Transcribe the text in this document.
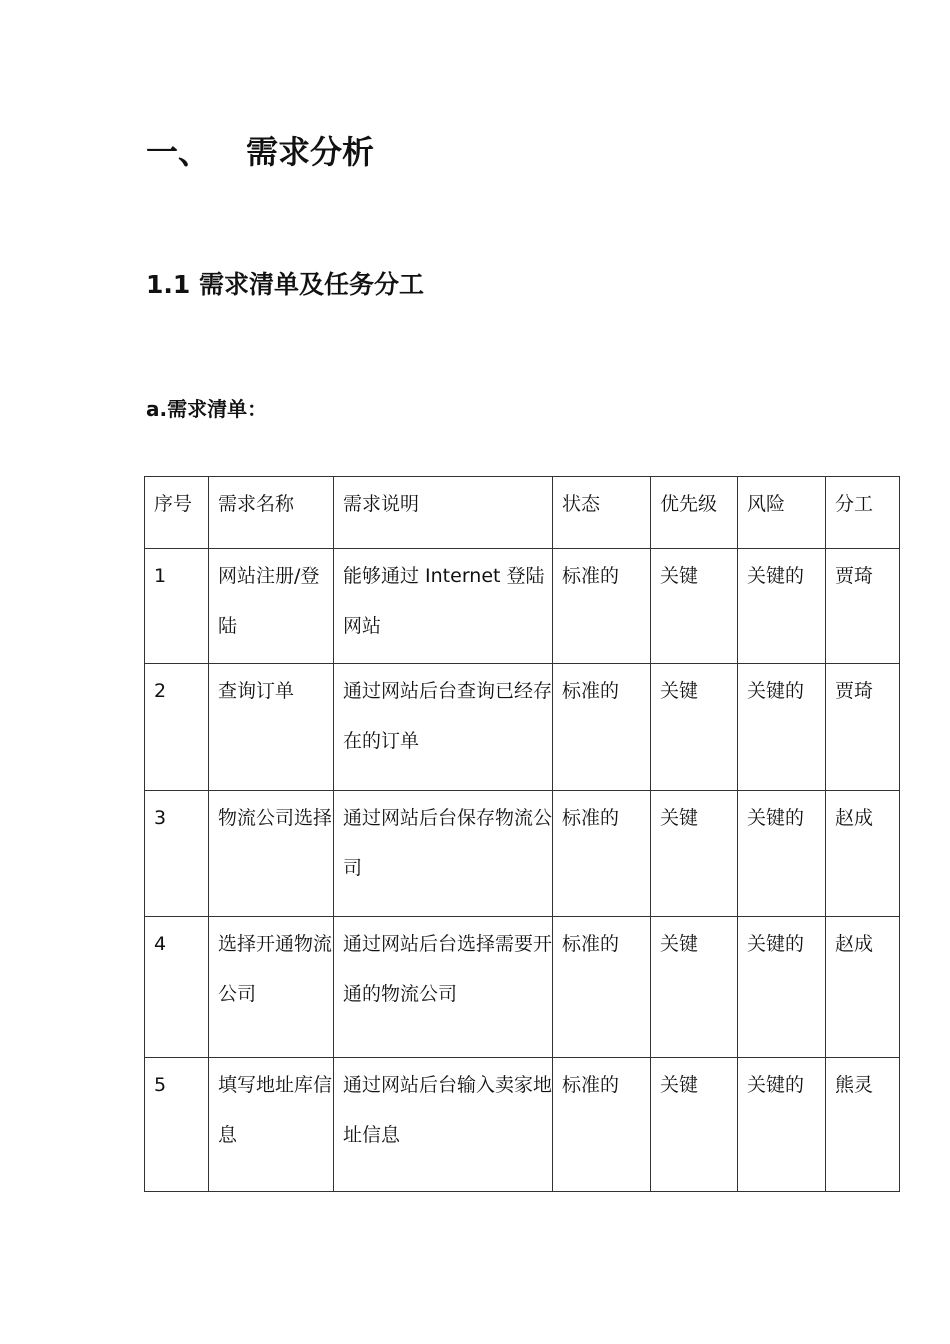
一、 需求分析
1.1 需求清单及任务分工
a.需求清单：
序号	需求名称	需求说明	状态	优先级	风险	分工
1	网站注册/登陆	能够通过 Internet 登陆网站	标准的	关键	关键的	贾琦
2	查询订单	通过网站后台查询已经存在的订单	标准的	关键	关键的	贾琦
3	物流公司选择	通过网站后台保存物流公司	标准的	关键	关键的	赵成
4	选择开通物流公司	通过网站后台选择需要开通的物流公司	标准的	关键	关键的	赵成
5	填写地址库信息	通过网站后台输入卖家地址信息	标准的	关键	关键的	熊灵
